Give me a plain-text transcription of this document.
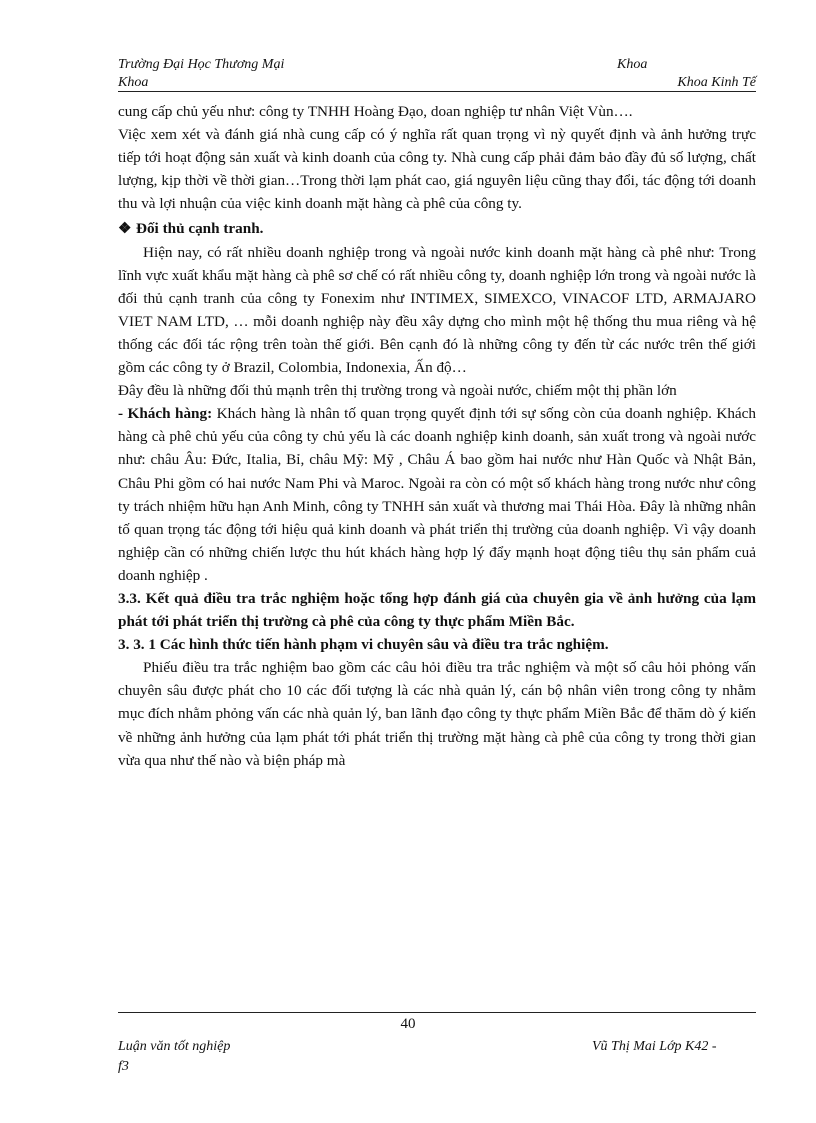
Trường Đại Học Thương Mại	Khoa
Khoa	Khoa Kinh Tế

cung cấp chủ yếu như: công ty TNHH Hoàng Đạo, doan nghiệp tư nhân Việt Vùn….

Việc xem xét và đánh giá nhà cung cấp có ý nghĩa rất quan trọng vì nỳ quyết định và ảnh hưởng trực tiếp tới hoạt động sản xuất và kinh doanh của công ty. Nhà cung cấp phải đảm bảo đầy đủ số lượng, chất lượng, kịp thời về thời gian…Trong thời lạm phát cao, giá nguyên liệu cũng thay đổi, tác động tới doanh thu và lợi nhuận của việc kinh doanh mặt hàng cà phê của công ty.

❖ Đối thủ cạnh tranh.

Hiện nay, có rất nhiều doanh nghiệp trong và ngoài nước kinh doanh mặt hàng cà phê như: Trong lĩnh vực xuất khẩu mặt hàng cà phê sơ chế có rất nhiều công ty, doanh nghiệp lớn trong và ngoài nước là đối thủ cạnh tranh của công ty Fonexim như INTIMEX, SIMEXCO, VINACOF LTD, ARMAJARO VIET NAM LTD, … mỗi doanh nghiệp này đều xây dựng cho mình một hệ thống thu mua riêng và hệ thống các đối tác rộng trên toàn thế giới. Bên cạnh đó là những công ty đến từ các nước trên thế giới gồm các công ty ở Brazil, Colombia, Indonexia, Ấn độ…

Đây đều là những đối thủ mạnh trên thị trường trong và ngoài nước, chiếm một thị phần lớn

- Khách hàng: Khách hàng là nhân tố quan trọng quyết định tới sự sống còn của doanh nghiệp. Khách hàng cà phê chủ yếu của công ty chủ yếu là các doanh nghiệp kinh doanh, sản xuất trong và ngoài nước như: châu Âu: Đức, Italia, Bỉ, châu Mỹ: Mỹ , Châu Á bao gồm hai nước như Hàn Quốc và Nhật Bản, Châu Phi gồm có hai nước Nam Phi và Maroc. Ngoài ra còn có một số khách hàng trong nước như công ty trách nhiệm hữu hạn Anh Minh, công ty TNHH sản xuất và thương mai Thái Hòa. Đây là những nhân tố quan trọng tác động tới hiệu quả kinh doanh và phát triển thị trường của doanh nghiệp. Vì vậy doanh nghiệp cần có những chiến lược thu hút khách hàng hợp lý đẩy mạnh hoạt động tiêu thụ sản phẩm cuả doanh nghiệp .

3.3. Kết quả điều tra trắc nghiệm hoặc tổng hợp đánh giá của chuyên gia về ảnh hưởng của lạm phát tới phát triển thị trường cà phê của công ty thực phẩm Miền Bắc.

3. 3. 1 Các hình thức tiến hành phạm vi chuyên sâu và điều tra trắc nghiệm.

Phiếu điều tra trắc nghiệm bao gồm các câu hỏi điều tra trắc nghiệm và một số câu hỏi phỏng vấn chuyên sâu được phát cho 10 các đối tượng là các nhà quản lý, cán bộ nhân viên trong công ty nhằm mục đích nhằm phỏng vấn các nhà quản lý, ban lãnh đạo công ty thực phẩm Miền Bắc để thăm dò ý kiến về những ảnh hưởng của lạm phát tới phát triển thị trường mặt hàng cà phê của công ty trong thời gian vừa qua như thế nào và biện pháp mà

40
Luận văn tốt nghiệp	Vũ Thị Mai Lớp K42 -
f3
